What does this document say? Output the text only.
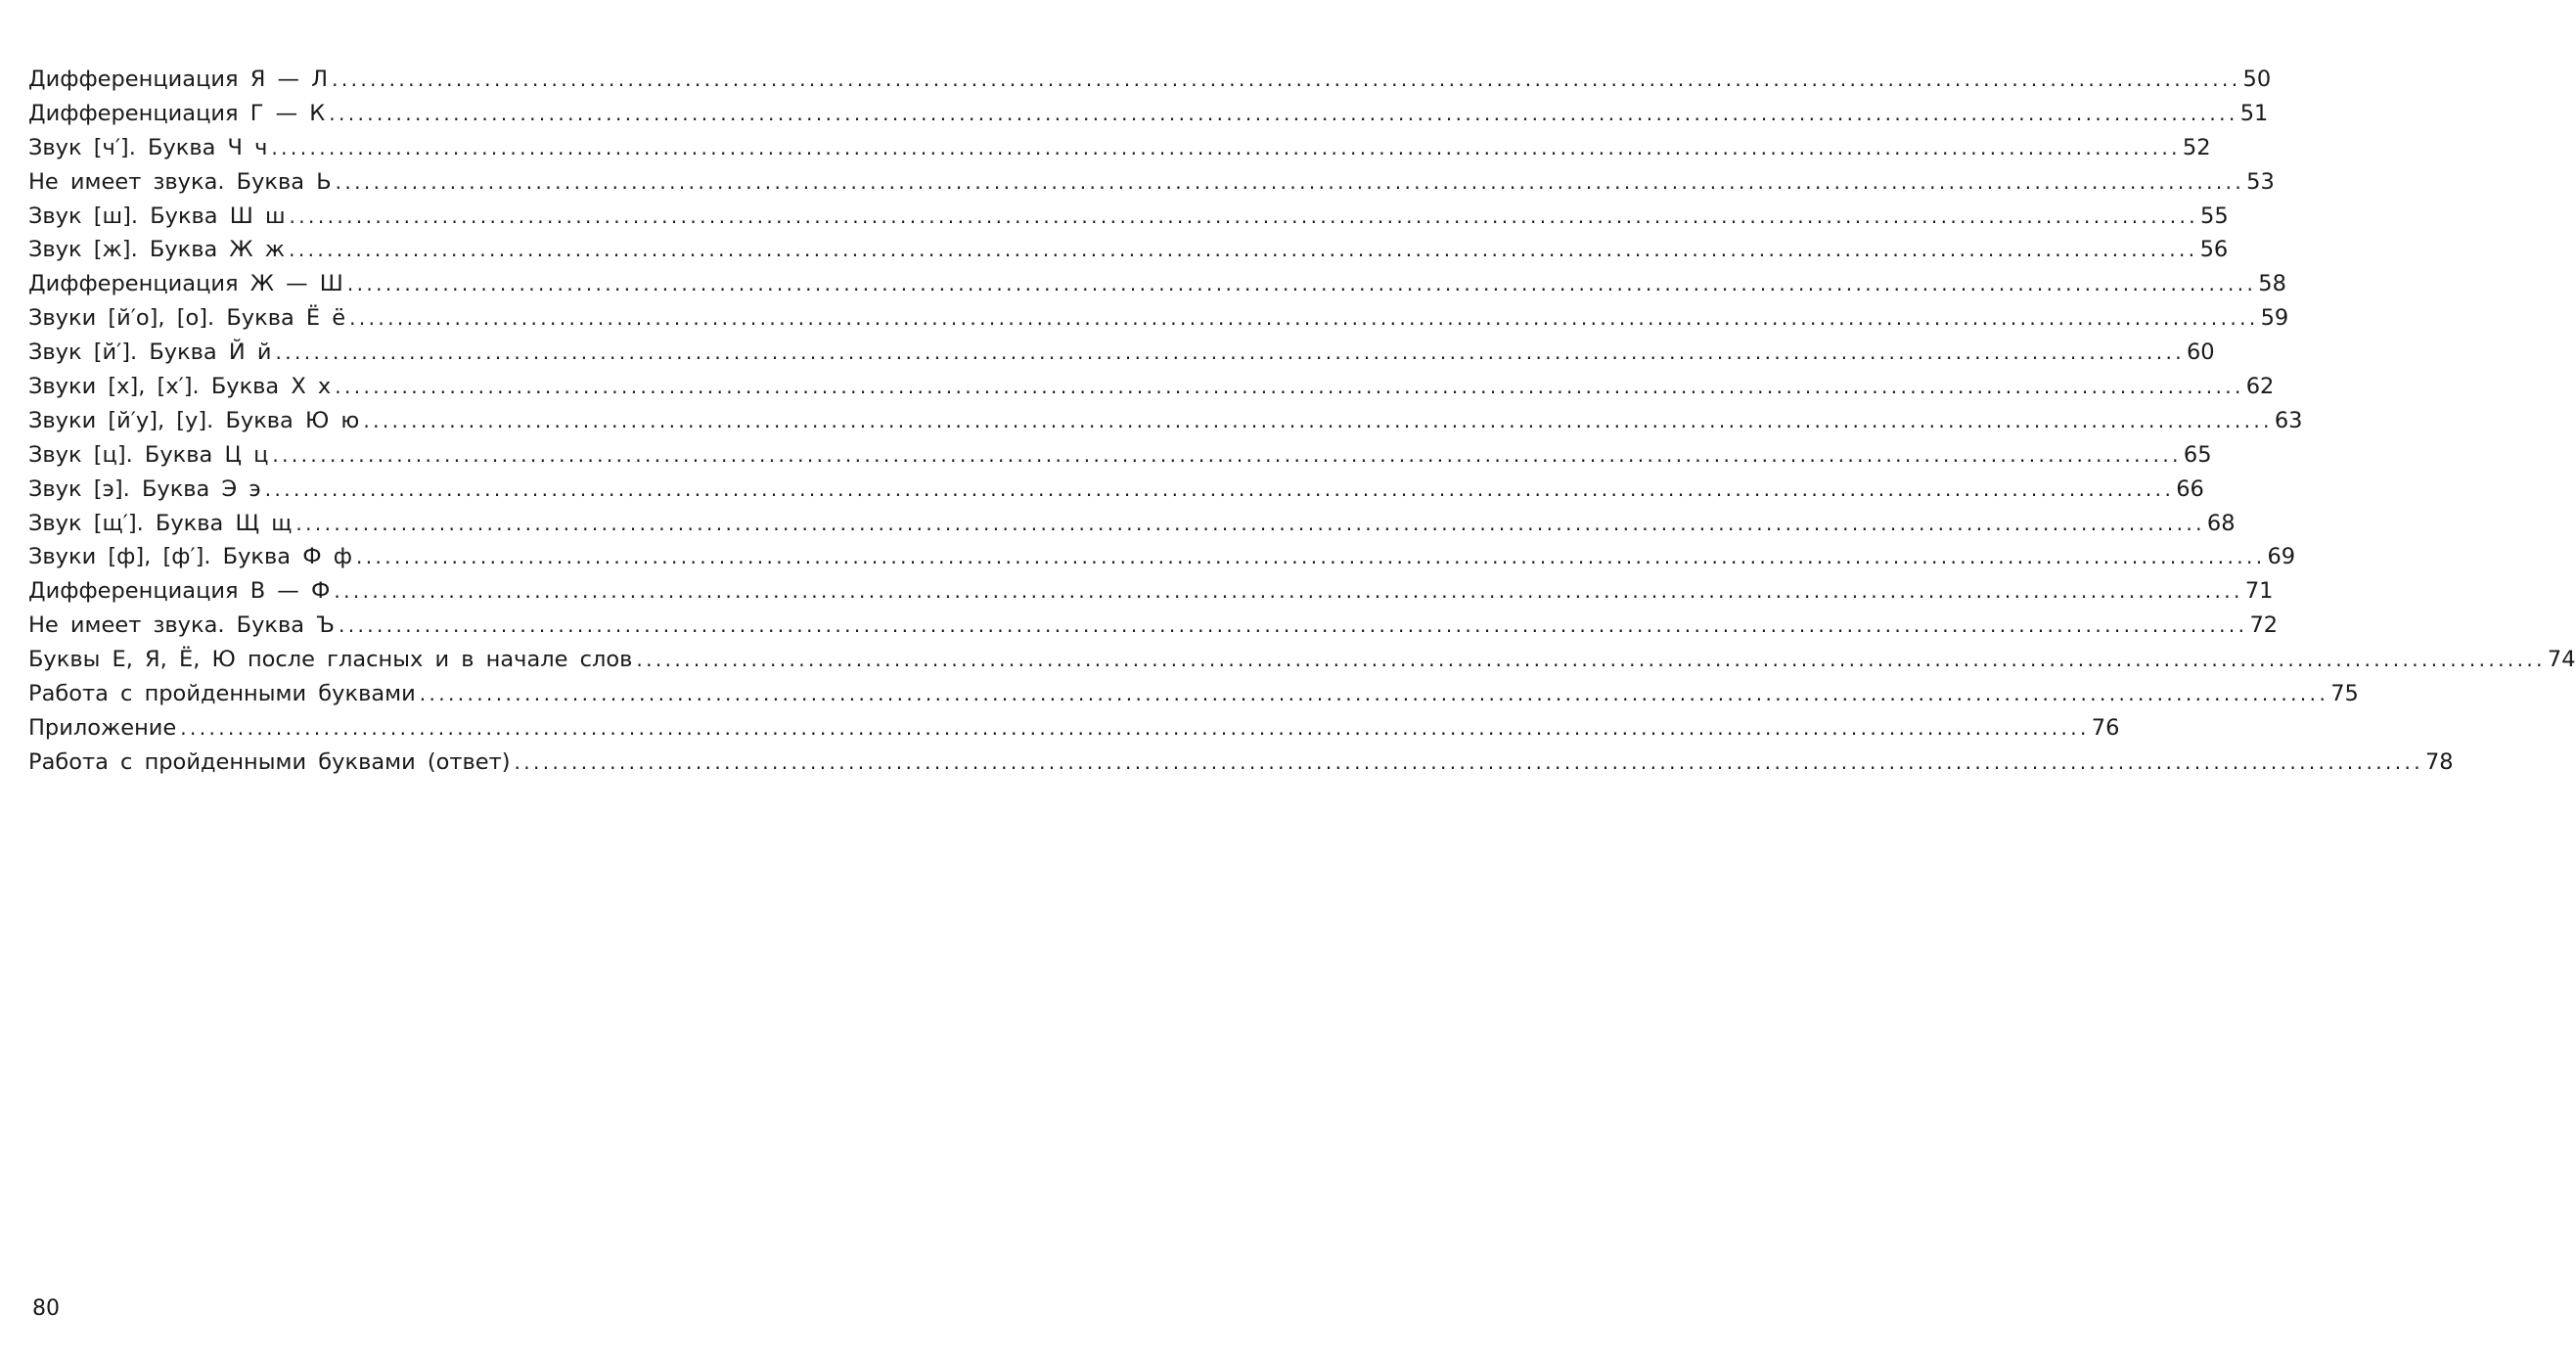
Дифференциация Я — Л ........................................................................................................................................................................................................ 50
Дифференциация Г — К ........................................................................................................................................................................................................ 51
Звук [ч′]. Буква Ч ч ........................................................................................................................................................................................................ 52
Не имеет звука. Буква Ь ........................................................................................................................................................................................................ 53
Звук [ш]. Буква Ш ш ........................................................................................................................................................................................................ 55
Звук [ж]. Буква Ж ж ........................................................................................................................................................................................................ 56
Дифференциация Ж — Ш ........................................................................................................................................................................................................ 58
Звуки [й′о], [о]. Буква Ё ё ........................................................................................................................................................................................................ 59
Звук [й′]. Буква Й й ........................................................................................................................................................................................................ 60
Звуки [х], [х′]. Буква Х х ........................................................................................................................................................................................................ 62
Звуки [й′у], [у]. Буква Ю ю ........................................................................................................................................................................................................ 63
Звук [ц]. Буква Ц ц ........................................................................................................................................................................................................ 65
Звук [э]. Буква Э э ........................................................................................................................................................................................................ 66
Звук [щ′]. Буква Щ щ ........................................................................................................................................................................................................ 68
Звуки [ф], [ф′]. Буква Ф ф ........................................................................................................................................................................................................ 69
Дифференциация В — Ф ........................................................................................................................................................................................................ 71
Не имеет звука. Буква Ъ ........................................................................................................................................................................................................ 72
Буквы Е, Я, Ё, Ю после гласных и в начале слов ........................................................................................................................................................................................................ 74
Работа с пройденными буквами ........................................................................................................................................................................................................ 75
Приложение ........................................................................................................................................................................................................ 76
Работа с пройденными буквами (ответ) ........................................................................................................................................................................................................ 78
80
